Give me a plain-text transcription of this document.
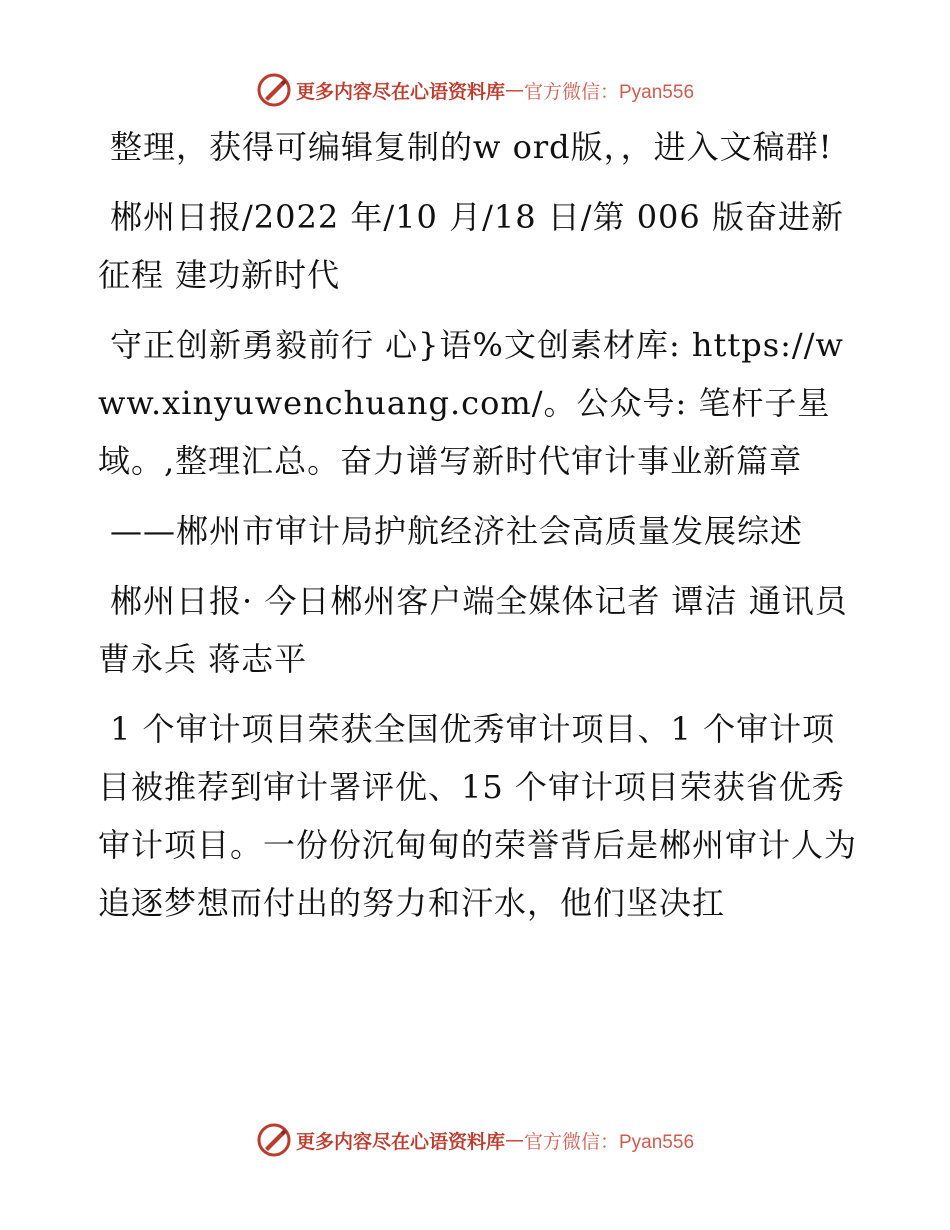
更多内容尽在心语资料库 — 官方微信：Pyan556

整理，获得可编辑复制的w ord版，，进入文稿群!

郴州日报/2022 年/10 月/18 日/第 006 版奋进新征程 建功新时代

守正创新勇毅前行 心}语%文创素材库: https://www.xinyuwenchuang.com/。公众号: 笔杆子星域。,整理汇总。奋力谱写新时代审计事业新篇章

——郴州市审计局护航经济社会高质量发展综述

郴州日报· 今日郴州客户端全媒体记者 谭洁 通讯员 曹永兵 蒋志平

1 个审计项目荣获全国优秀审计项目、1 个审计项目被推荐到审计署评优、15 个审计项目荣获省优秀审计项目。一份份沉甸甸的荣誉背后是郴州审计人为追逐梦想而付出的努力和汗水，他们坚决扛

更多内容尽在心语资料库 — 官方微信：Pyan556
